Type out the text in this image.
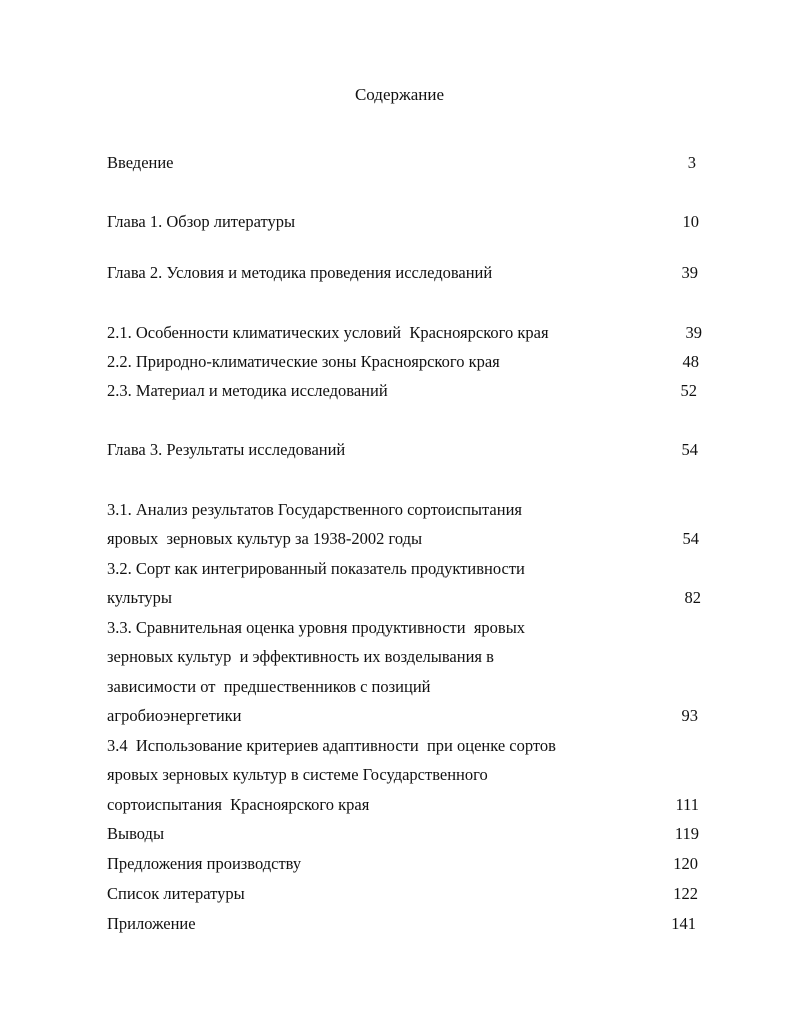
Содержание
Введение	3
Глава 1. Обзор литературы	10
Глава 2. Условия и методика проведения исследований	39
2.1. Особенности климатических условий  Красноярского края	39
2.2. Природно-климатические зоны Красноярского края	48
2.3. Материал и методика исследований	52
Глава 3. Результаты исследований	54
3.1. Анализ результатов Государственного сортоиспытания
яровых  зерновых культур за 1938-2002 годы	54
3.2. Сорт как интегрированный показатель продуктивности
культуры	82
3.3. Сравнительная оценка уровня продуктивности  яровых
зерновых культур  и эффективность их возделывания в
зависимости от  предшественников с позиций
агробиоэнергетики	93
3.4  Использование критериев адаптивности  при оценке сортов
яровых зерновых культур в системе Государственного
сортоиспытания  Красноярского края	111
Выводы	119
Предложения производству	120
Список литературы	122
Приложение	141
